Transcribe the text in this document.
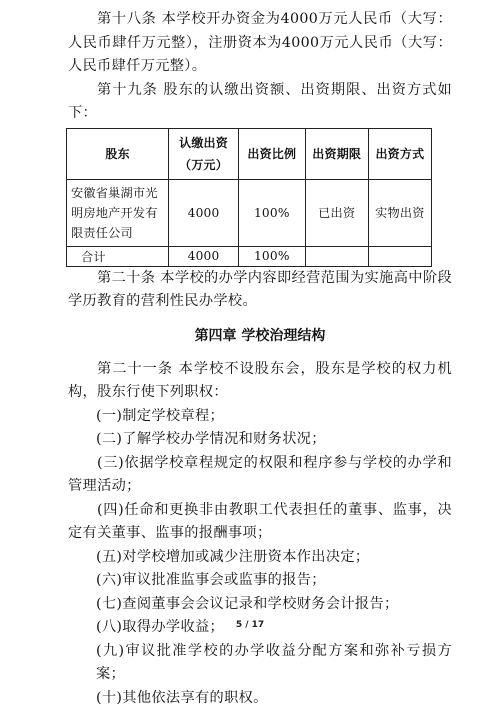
第十八条 本学校开办资金为4000万元人民币（大写：人民币肆仟万元整），注册资本为4000万元人民币（大写：人民币肆仟万元整）。

第十九条 股东的认缴出资额、出资期限、出资方式如下：

股东	认缴出资（万元）	出资比例	出资期限	出资方式
安徽省巢湖市光明房地产开发有限责任公司	4000	100%	已出资	实物出资
合计	4000	100%		

第二十条 本学校的办学内容即经营范围为实施高中阶段学历教育的营利性民办学校。

第四章 学校治理结构

第二十一条 本学校不设股东会，股东是学校的权力机构，股东行使下列职权：

(一)制定学校章程；

(二)了解学校办学情况和财务状况；

(三)依据学校章程规定的权限和程序参与学校的办学和管理活动；

(四)任命和更换非由教职工代表担任的董事、监事，决定有关董事、监事的报酬事项；

(五)对学校增加或减少注册资本作出决定；

(六)审议批准监事会或监事的报告；

(七)查阅董事会会议记录和学校财务会计报告；

(八)取得办学收益；

(九)审议批准学校的办学收益分配方案和弥补亏损方案；

(十)其他依法享有的职权。

5 / 17
